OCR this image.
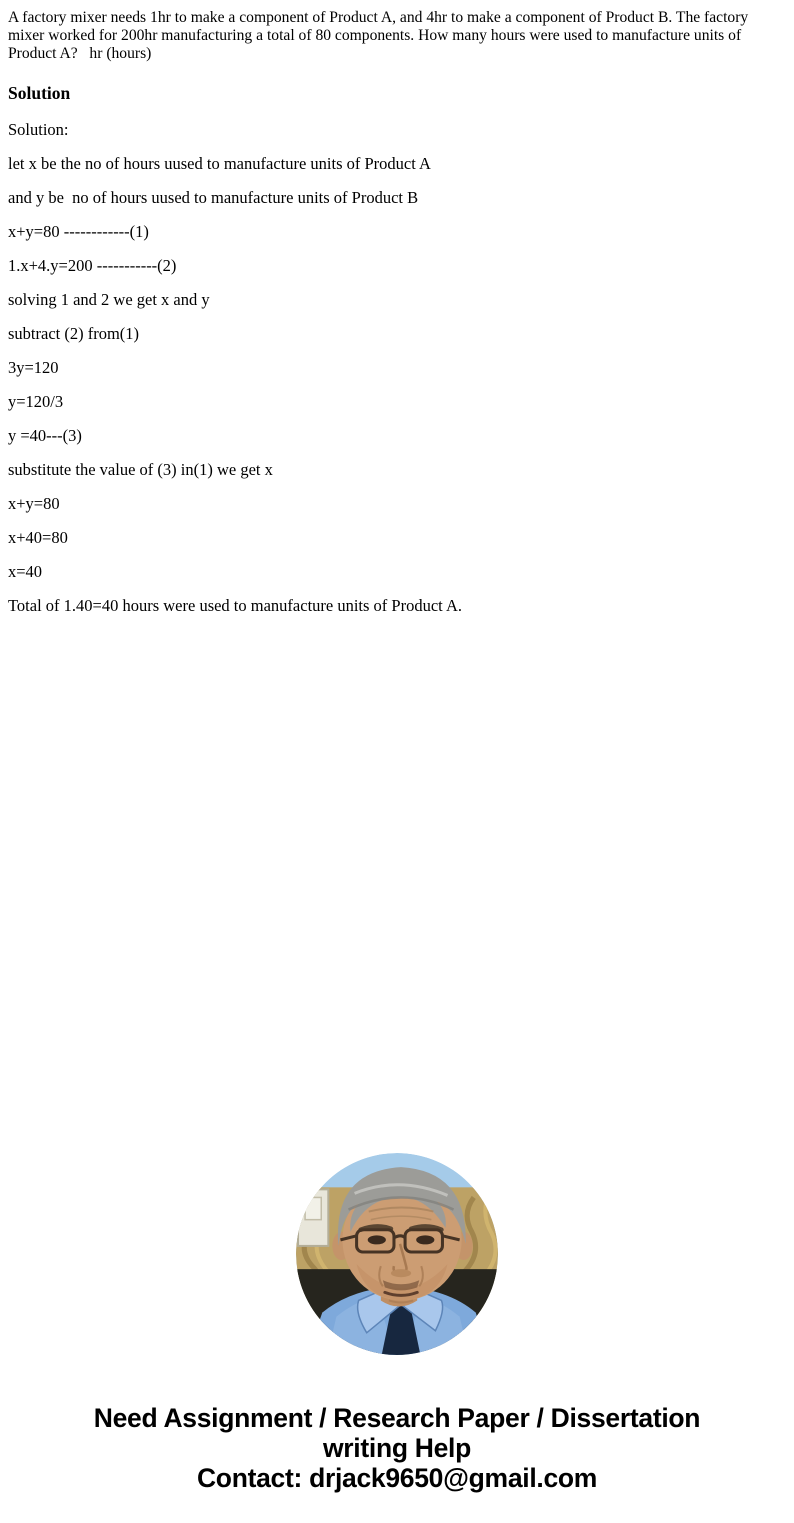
A factory mixer needs 1hr to make a component of Product A, and 4hr to make a component of Product B. The factory mixer worked for 200hr manufacturing a total of 80 components. How many hours were used to manufacture units of Product A?   hr (hours)

Solution

Solution:

let x be the no of hours uused to manufacture units of Product A

and y be  no of hours uused to manufacture units of Product B

x+y=80 ------------(1)

1.x+4.y=200 -----------(2)

solving 1 and 2 we get x and y

subtract (2) from(1)

3y=120

y=120/3

y =40---(3)

substitute the value of (3) in(1) we get x

x+y=80

x+40=80

x=40

Total of 1.40=40 hours were used to manufacture units of Product A.

Need Assignment / Research Paper / Dissertation
writing Help
Contact: drjack9650@gmail.com
